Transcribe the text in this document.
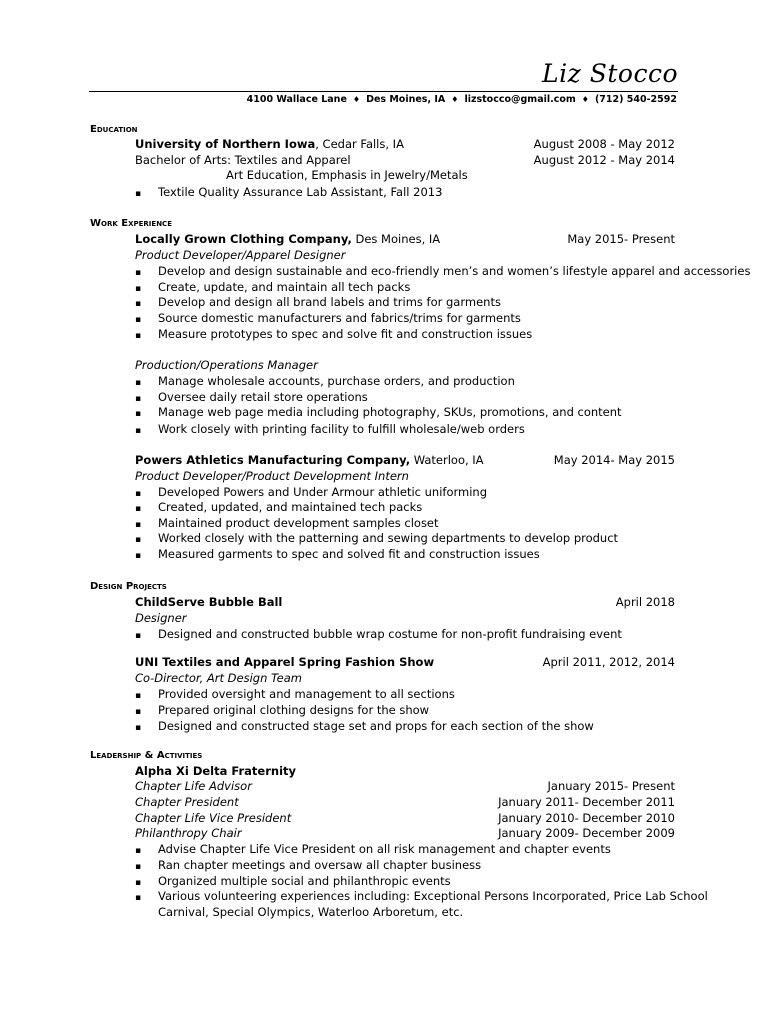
Liz Stocco
4100 Wallace Lane ♦ Des Moines, IA ♦ lizstocco@gmail.com ♦ (712) 540-2592
Education
University of Northern Iowa, Cedar Falls, IA	August 2008 - May 2012
Bachelor of Arts: Textiles and Apparel	August 2012 - May 2014
Art Education, Emphasis in Jewelry/Metals
▪ Textile Quality Assurance Lab Assistant, Fall 2013
Work Experience
Locally Grown Clothing Company, Des Moines, IA	May 2015- Present
Product Developer/Apparel Designer
▪ Develop and design sustainable and eco-friendly men’s and women’s lifestyle apparel and accessories
▪ Create, update, and maintain all tech packs
▪ Develop and design all brand labels and trims for garments
▪ Source domestic manufacturers and fabrics/trims for garments
▪ Measure prototypes to spec and solve fit and construction issues
Production/Operations Manager
▪ Manage wholesale accounts, purchase orders, and production
▪ Oversee daily retail store operations
▪ Manage web page media including photography, SKUs, promotions, and content
▪ Work closely with printing facility to fulfill wholesale/web orders
Powers Athletics Manufacturing Company, Waterloo, IA	May 2014- May 2015
Product Developer/Product Development Intern
▪ Developed Powers and Under Armour athletic uniforming
▪ Created, updated, and maintained tech packs
▪ Maintained product development samples closet
▪ Worked closely with the patterning and sewing departments to develop product
▪ Measured garments to spec and solved fit and construction issues
Design Projects
ChildServe Bubble Ball	April 2018
Designer
▪ Designed and constructed bubble wrap costume for non-profit fundraising event
UNI Textiles and Apparel Spring Fashion Show	April 2011, 2012, 2014
Co-Director, Art Design Team
▪ Provided oversight and management to all sections
▪ Prepared original clothing designs for the show
▪ Designed and constructed stage set and props for each section of the show
Leadership & Activities
Alpha Xi Delta Fraternity
Chapter Life Advisor	January 2015- Present
Chapter President	January 2011- December 2011
Chapter Life Vice President	January 2010- December 2010
Philanthropy Chair	January 2009- December 2009
▪ Advise Chapter Life Vice President on all risk management and chapter events
▪ Ran chapter meetings and oversaw all chapter business
▪ Organized multiple social and philanthropic events
▪ Various volunteering experiences including: Exceptional Persons Incorporated, Price Lab School
Carnival, Special Olympics, Waterloo Arboretum, etc.
